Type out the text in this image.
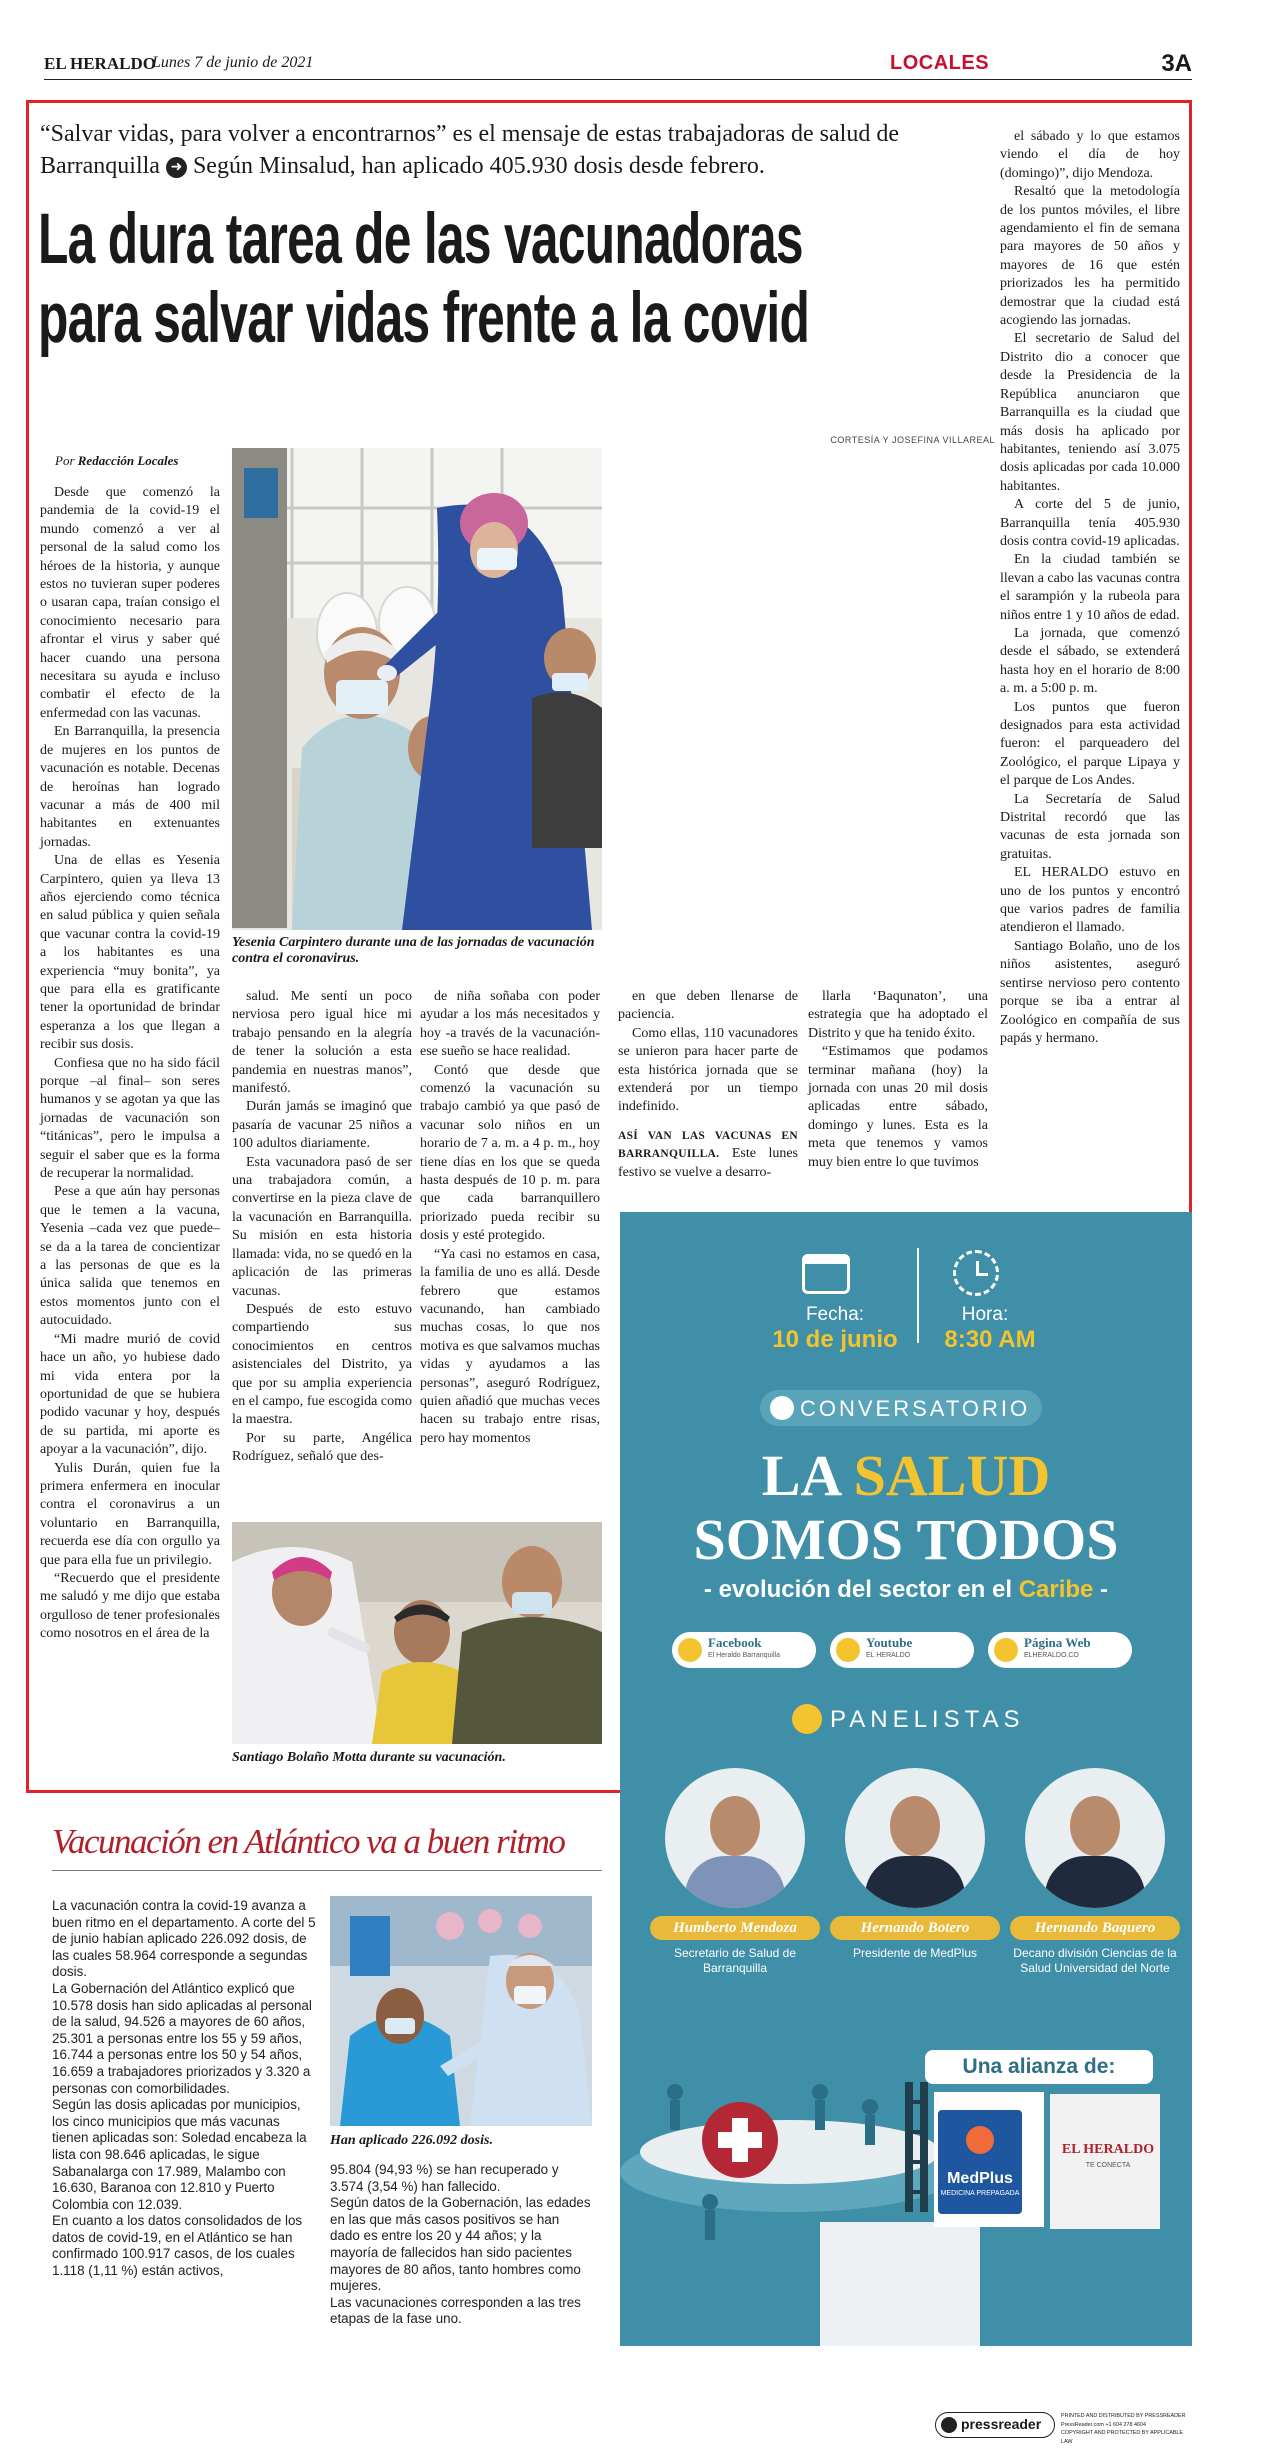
EL HERALDO
Lunes 7 de junio de 2021	LOCALES	3A
“Salvar vidas, para volver a encontrarnos” es el mensaje de estas trabajadoras de salud de Barranquilla ➜ Según Minsalud, han aplicado 405.930 dosis desde febrero.
La dura tarea de las vacunadoras
para salvar vidas frente a la covid
CORTESÍA Y JOSEFINA VILLAREAL
Por Redacción Locales

Desde que comenzó la pandemia de la covid-19 el mundo comenzó a ver al personal de la salud como los héroes de la historia, y aunque estos no tuvieran super poderes o usaran capa, traían consigo el conocimiento necesario para afrontar el virus y saber qué hacer cuando una persona necesitara su ayuda e incluso combatir el efecto de la enfermedad con las vacunas.

En Barranquilla, la presencia de mujeres en los puntos de vacunación es notable. Decenas de heroínas han logrado vacunar a más de 400 mil habitantes en extenuantes jornadas.

Una de ellas es Yesenia Carpintero, quien ya lleva 13 años ejerciendo como técnica en salud pública y quien señala que vacunar contra la covid-19 a los habitantes es una experiencia “muy bonita”, ya que para ella es gratificante tener la oportunidad de brindar esperanza a los que llegan a recibir sus dosis.

Confiesa que no ha sido fácil porque –al final– son seres humanos y se agotan ya que las jornadas de vacunación son “titánicas”, pero le impulsa a seguir el saber que es la forma de recuperar la normalidad.

Pese a que aún hay personas que le temen a la vacuna, Yesenia –cada vez que puede– se da a la tarea de concientizar a las personas de que es la única salida que tenemos en estos momentos junto con el autocuidado.

“Mi madre murió de covid hace un año, yo hubiese dado mi vida entera por la oportunidad de que se hubiera podido vacunar y hoy, después de su partida, mi aporte es apoyar a la vacunación”, dijo.

Yulis Durán, quien fue la primera enfermera en inocular contra el coronavirus a un voluntario en Barranquilla, recuerda ese día con orgullo ya que para ella fue un privilegio.

“Recuerdo que el presidente me saludó y me dijo que estaba orgulloso de tener profesionales como nosotros en el área de la

Yesenia Carpintero durante una de las jornadas de vacunación contra el coronavirus.

salud. Me sentí un poco nerviosa pero igual hice mi trabajo pensando en la alegría de tener la solución a esta pandemia en nuestras manos”, manifestó.

Durán jamás se imaginó que pasaría de vacunar 25 niños a 100 adultos diariamente.

Esta vacunadora pasó de ser una trabajadora común, a convertirse en la pieza clave de la vacunación en Barranquilla. Su misión en esta historia llamada: vida, no se quedó en la aplicación de las primeras vacunas.

Después de esto estuvo compartiendo sus conocimientos en centros asistenciales del Distrito, ya que por su amplia experiencia en el campo, fue escogida como la maestra.

Por su parte, Angélica Rodríguez, señaló que des-

de niña soñaba con poder ayudar a los más necesitados y hoy -a través de la vacunación- ese sueño se hace realidad.

Contó que desde que comenzó la vacunación su trabajo cambió ya que pasó de vacunar solo niños en un horario de 7 a. m. a 4 p. m., hoy tiene días en los que se queda hasta después de 10 p. m. para que cada barranquillero priorizado pueda recibir su dosis y esté protegido.

“Ya casi no estamos en casa, la familia de uno es allá. Desde febrero que estamos vacunando, han cambiado muchas cosas, lo que nos motiva es que salvamos muchas vidas y ayudamos a las personas”, aseguró Rodríguez, quien añadió que muchas veces hacen su trabajo entre risas, pero hay momentos

en que deben llenarse de paciencia.

Como ellas, 110 vacunadores se unieron para hacer parte de esta histórica jornada que se extenderá por un tiempo indefinido.

ASÍ VAN LAS VACUNAS EN BARRANQUILLA. Este lunes festivo se vuelve a desarro-

llarla ‘Baqunaton’, una estrategia que ha adoptado el Distrito y que ha tenido éxito.

“Estimamos que podamos terminar mañana (hoy) la jornada con unas 20 mil dosis aplicadas entre sábado, domingo y lunes. Esta es la meta que tenemos y vamos muy bien entre lo que tuvimos

el sábado y lo que estamos viendo el día de hoy (domingo)”, dijo Mendoza.

Resaltó que la metodología de los puntos móviles, el libre agendamiento el fin de semana para mayores de 50 años y mayores de 16 que estén priorizados les ha permitido demostrar que la ciudad está acogiendo las jornadas.

El secretario de Salud del Distrito dio a conocer que desde la Presidencia de la República anunciaron que Barranquilla es la ciudad que más dosis ha aplicado por habitantes, teniendo así 3.075 dosis aplicadas por cada 10.000 habitantes.

A corte del 5 de junio, Barranquilla tenía 405.930 dosis contra covid-19 aplicadas.

En la ciudad también se llevan a cabo las vacunas contra el sarampión y la rubeola para niños entre 1 y 10 años de edad.

La jornada, que comenzó desde el sábado, se extenderá hasta hoy en el horario de 8:00 a. m. a 5:00 p. m.

Los puntos que fueron designados para esta actividad fueron: el parqueadero del Zoológico, el parque Lipaya y el parque de Los Andes.

La Secretaría de Salud Distrital recordó que las vacunas de esta jornada son gratuitas.

EL HERALDO estuvo en uno de los puntos y encontró que varios padres de familia atendieron el llamado.

Santiago Bolaño, uno de los niños asistentes, aseguró sentirse nervioso pero contento porque se iba a entrar al Zoológico en compañía de sus papás y hermano.

Santiago Bolaño Motta durante su vacunación.
Fecha:
10 de junio
Hora:
8:30 AM
CONVERSATORIO
LA SALUD
SOMOS TODOS
- evolución del sector en el Caribe -
Facebook
El Heraldo Barranquilla
Youtube
EL HERALDO
Página Web
ELHERALDO.CO
PANELISTAS
Humberto Mendoza
Secretario de Salud de Barranquilla
Hernando Botero
Presidente de MedPlus
Hernando Baquero
Decano división Ciencias de la Salud Universidad del Norte
Una alianza de:
MedPlus
MEDICINA PREPAGADA
EL HERALDO
TE CONECTA
Vacunación en Atlántico va a buen ritmo

La vacunación contra la covid-19 avanza a buen ritmo en el departamento. A corte del 5 de junio habían aplicado 226.092 dosis, de las cuales 58.964 corresponde a segundas dosis.

La Gobernación del Atlántico explicó que 10.578 dosis han sido aplicadas al personal de la salud, 94.526 a mayores de 60 años, 25.301 a personas entre los 55 y 59 años, 16.744 a personas entre los 50 y 54 años, 16.659 a trabajadores priorizados y 3.320 a personas con comorbilidades.

Según las dosis aplicadas por municipios, los cinco municipios que más vacunas tienen aplicadas son: Soledad encabeza la lista con 98.646 aplicadas, le sigue Sabanalarga con 17.989, Malambo con 16.630, Baranoa con 12.810 y Puerto Colombia con 12.039.

En cuanto a los datos consolidados de los datos de covid-19, en el Atlántico se han confirmado 100.917 casos, de los cuales 1.118 (1,11 %) están activos,

Han aplicado 226.092 dosis.

95.804 (94,93 %) se han recuperado y 3.574 (3,54 %) han fallecido.

Según datos de la Gobernación, las edades en las que más casos positivos se han dado es entre los 20 y 44 años; y la mayoría de fallecidos han sido pacientes mayores de 80 años, tanto hombres como mujeres.

Las vacunaciones corresponden a las tres etapas de la fase uno.

pressreader	PRINTED AND DISTRIBUTED BY PRESSREADER
PressReader.com +1 604 278 4604
COPYRIGHT AND PROTECTED BY APPLICABLE LAW
